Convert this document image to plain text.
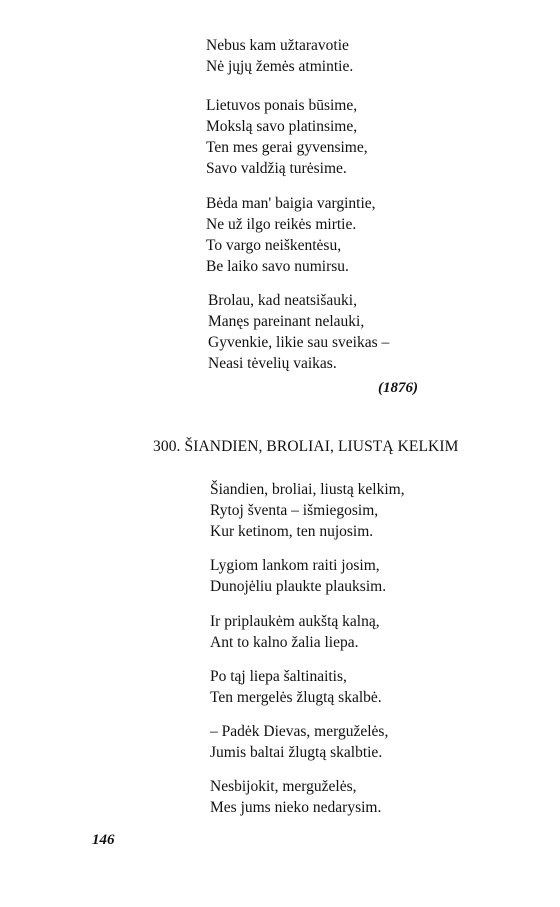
Nebus kam užtaravotie
Nė jųjų žemės atmintie.
Lietuvos ponais būsime,
Mokslą savo platinsime,
Ten mes gerai gyvensime,
Savo valdžią turėsime.
Bėda man' baigia vargintie,
Ne už ilgo reikės mirtie.
To vargo neiškentėsu,
Be laiko savo numirsu.
Brolau, kad neatsišauki,
Manęs pareinant nelauki,
Gyvenkie, likie sau sveikas –
Neasi tėvelių vaikas.
(1876)
300. ŠIANDIEN, BROLIAI, LIUSTĄ KELKIM
Šiandien, broliai, liustą kelkim,
Rytoj šventa – išmiegosim,
Kur ketinom, ten nujosim.
Lygiom lankom raiti josim,
Dunojėliu plaukte plauksim.
Ir priplaukėm aukštą kalną,
Ant to kalno žalia liepa.
Po tąj liepa šaltinaitis,
Ten mergelės žlugtą skalbė.
– Padėk Dievas, merguželės,
Jumis baltai žlugtą skalbtie.
Nesbijokit, merguželės,
Mes jums nieko nedarysim.
146
